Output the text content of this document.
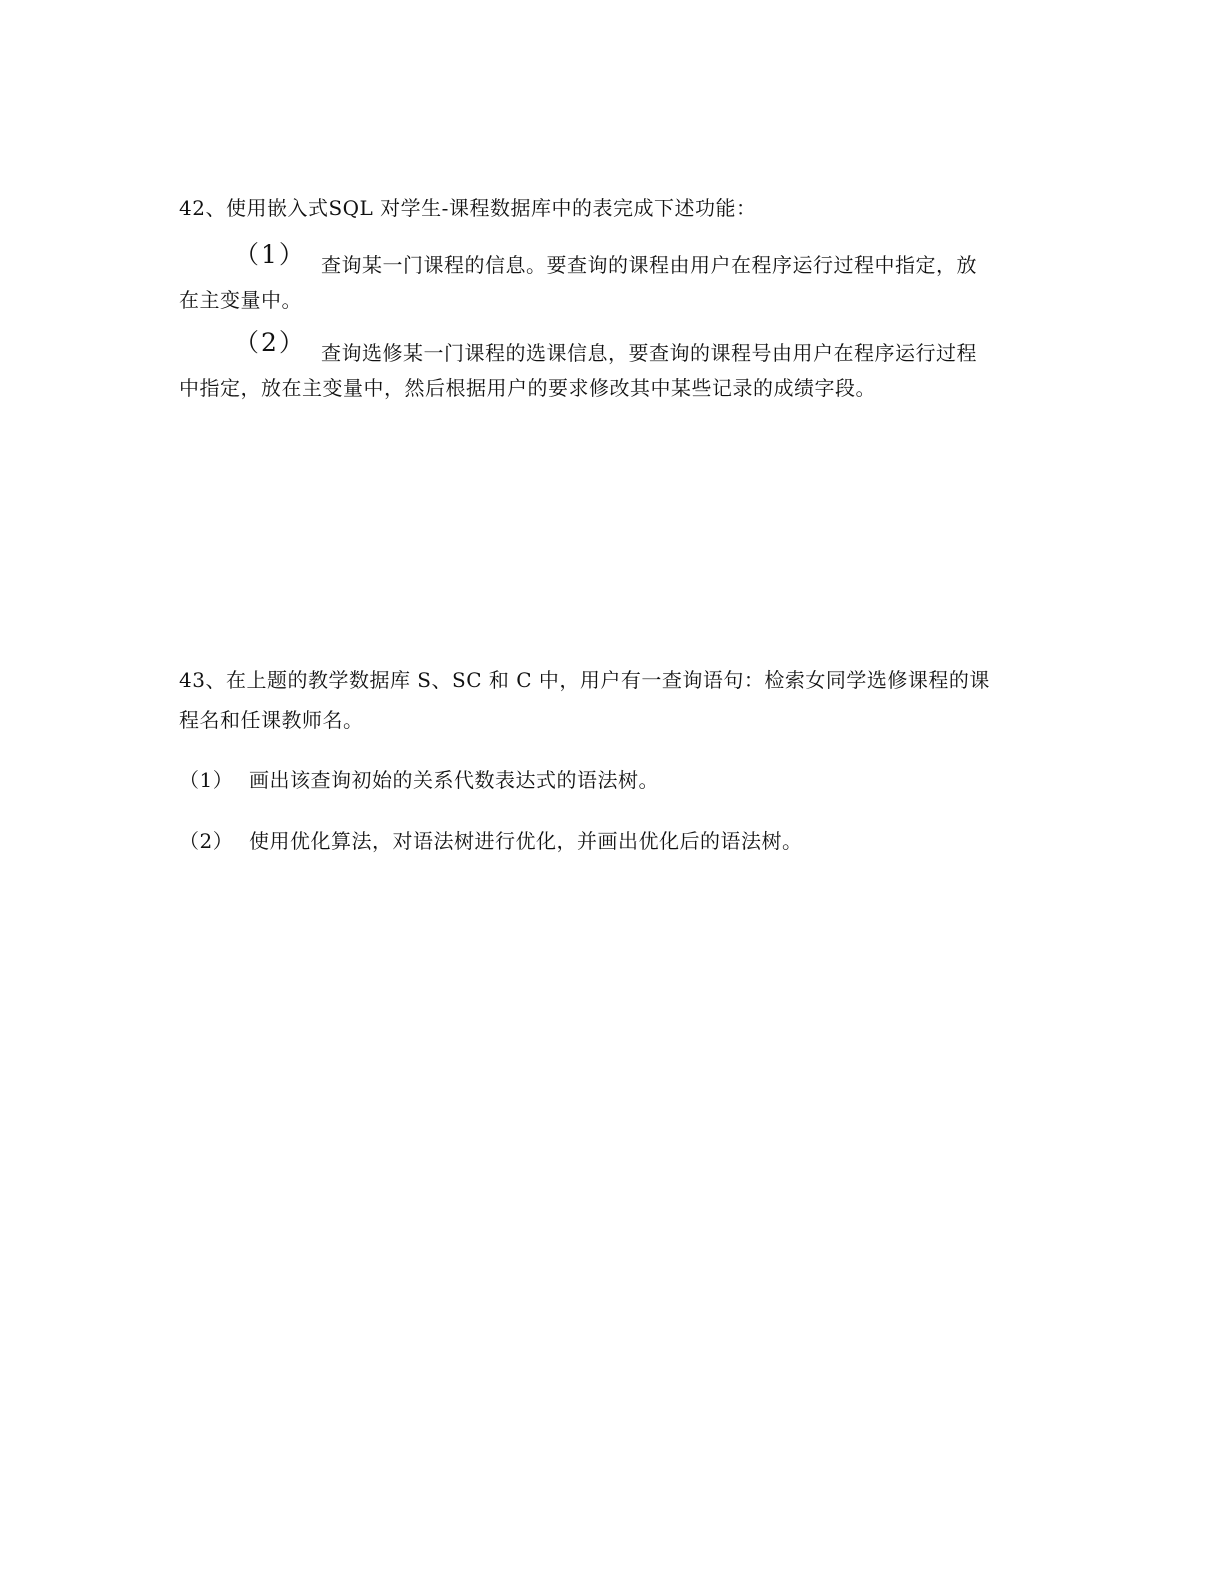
42、使用嵌入式SQL 对学生-课程数据库中的表完成下述功能：
（1） 查询某一门课程的信息。要查询的课程由用户在程序运行过程中指定，放
在主变量中。
（2） 查询选修某一门课程的选课信息，要查询的课程号由用户在程序运行过程
中指定，放在主变量中，然后根据用户的要求修改其中某些记录的成绩字段。
43、在上题的教学数据库 S、SC 和 C 中，用户有一查询语句：检索女同学选修课程的课
程名和任课教师名。
（1） 画出该查询初始的关系代数表达式的语法树。
（2） 使用优化算法，对语法树进行优化，并画出优化后的语法树。
